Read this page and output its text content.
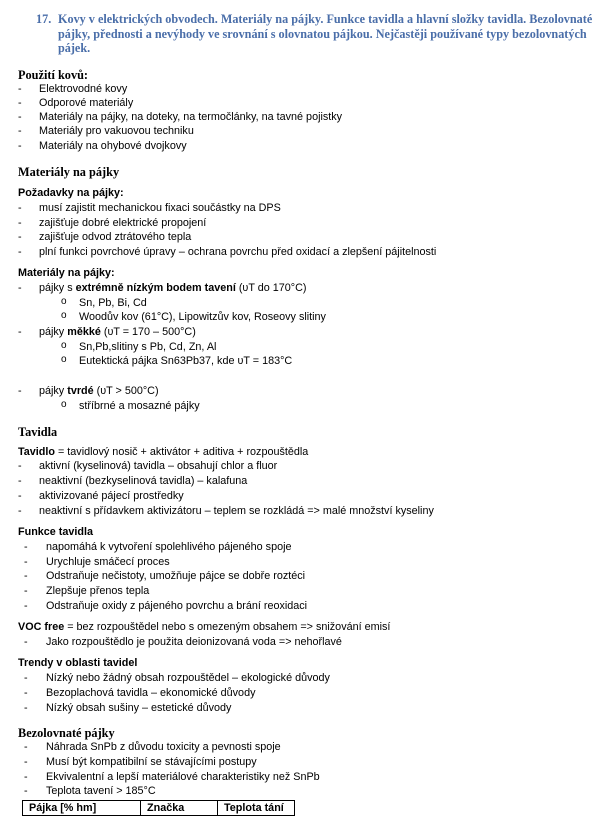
17. Kovy v elektrických obvodech. Materiály na pájky. Funkce tavidla a hlavní složky tavidla. Bezolovnaté pájky, přednosti a nevýhody ve srovnání s olovnatou pájkou. Nejčastěji používané typy bezolovnatých pájek.
Použití kovů:
- Elektrovodné kovy
- Odporové materiály
- Materiály na pájky, na doteky, na termočlánky, na tavné pojistky
- Materiály pro vakuovou techniku
- Materiály na ohybové dvojkovy
Materiály na pájky
Požadavky na pájky:
- musí zajistit mechanickou fixaci součástky na DPS
- zajišťuje dobré elektrické propojení
- zajišťuje odvod ztrátového tepla
- plní funkci povrchové úpravy – ochrana povrchu před oxidací a zlepšení pájitelnosti
Materiály na pájky:
- pájky s extrémně nízkým bodem tavení (υT do 170°C)
o Sn, Pb, Bi, Cd
o Woodův kov (61°C), Lipowitzův kov, Roseovy slitiny
- pájky měkké (υT = 170 – 500°C)
o Sn,Pb,slitiny s Pb, Cd, Zn, Al
o Eutektická pájka Sn63Pb37, kde υT = 183°C
- pájky tvrdé (υT > 500°C)
o stříbrné a mosazné pájky
Tavidla
Tavidlo = tavidlový nosič + aktivátor + aditiva + rozpouštědla
- aktivní (kyselinová) tavidla – obsahují chlor a fluor
- neaktivní (bezkyselinová tavidla) – kalafuna
- aktivizované pájecí prostředky
- neaktivní s přídavkem aktivizátoru – teplem se rozkládá => malé množství kyseliny
Funkce tavidla
- napomáhá k vytvoření spolehlivého pájeného spoje
- Urychluje smáčecí proces
- Odstraňuje nečistoty, umožňuje pájce se dobře roztéci
- Zlepšuje přenos tepla
- Odstraňuje oxidy z pájeného povrchu a brání reoxidaci
VOC free = bez rozpouštědel nebo s omezeným obsahem => snižování emisí
- Jako rozpouštědlo je použita deionizovaná voda => nehořlavé
Trendy v oblasti tavidel
- Nízký nebo žádný obsah rozpouštědel – ekologické důvody
- Bezoplachová tavidla – ekonomické důvody
- Nízký obsah sušiny – estetické důvody
Bezolovnaté pájky
- Náhrada SnPb z důvodu toxicity a pevnosti spoje
- Musí být kompatibilní se stávajícími postupy
- Ekvivalentní a lepší materiálové charakteristiky než SnPb
- Teplota tavení > 185°C
Pájka [% hm]	Značka	Teplota tání
